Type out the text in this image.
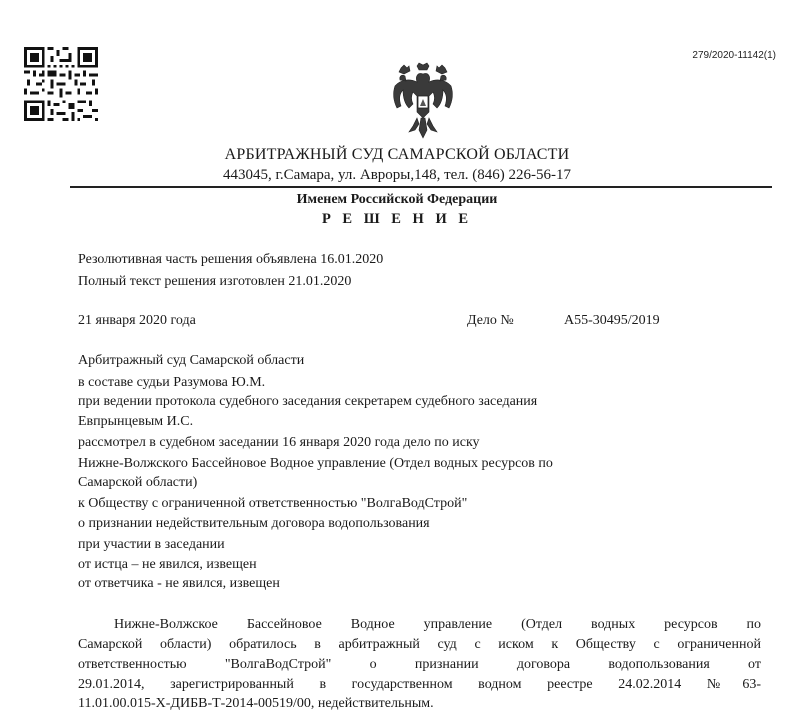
279/2020-11142(1)
АРБИТРАЖНЫЙ СУД САМАРСКОЙ ОБЛАСТИ
443045, г.Самара, ул. Авроры,148, тел. (846) 226-56-17
Именем Российской Федерации
Р Е Ш Е Н И Е
Резолютивная часть решения объявлена 16.01.2020
Полный текст решения изготовлен 21.01.2020
21 января 2020 года	Дело №	А55-30495/2019
Арбитражный суд Самарской области
в составе судьи Разумова Ю.М.
при ведении протокола судебного заседания секретарем судебного заседания
Евпрынцевым И.С.
рассмотрел в судебном заседании 16 января 2020 года дело по иску
Нижне-Волжского Бассейновое Водное управление (Отдел водных ресурсов по
Самарской области)
к Обществу с ограниченной ответственностью "ВолгаВодСтрой"
о признании недействительным договора водопользования
при участии в заседании
от истца – не явился, извещен
от ответчика - не явился, извещен
Нижне-Волжское Бассейновое Водное управление (Отдел водных ресурсов по
Самарской области) обратилось в арбитражный суд с иском к Обществу с ограниченной
ответственностью "ВолгаВодСтрой" о признании договора водопользования от
29.01.2014, зарегистрированный в государственном водном реестре 24.02.2014 №63-
11.01.00.015-Х-ДИБВ-Т-2014-00519/00, недействительным.
